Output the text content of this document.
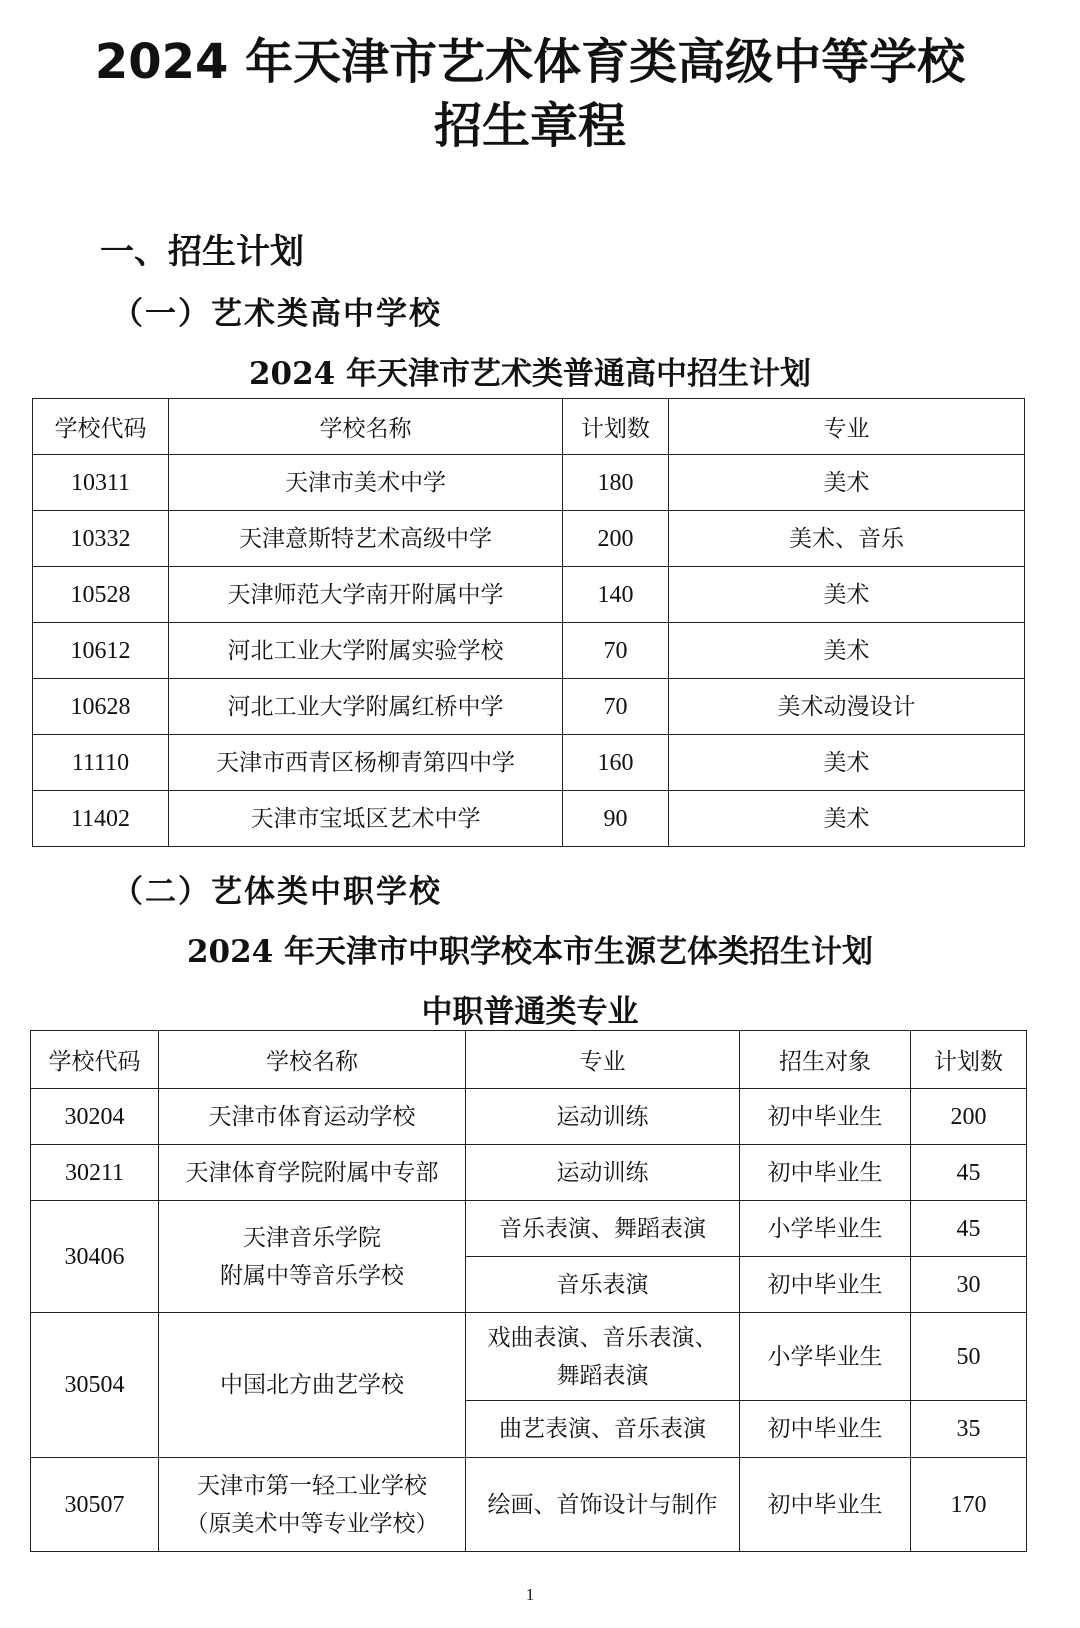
2024 年天津市艺术体育类高级中等学校
招生章程
一、招生计划
（一）艺术类高中学校

2024 年天津市艺术类普通高中招生计划

学校代码	学校名称	计划数	专业
10311	天津市美术中学	180	美术
10332	天津意斯特艺术高级中学	200	美术、音乐
10528	天津师范大学南开附属中学	140	美术
10612	河北工业大学附属实验学校	70	美术
10628	河北工业大学附属红桥中学	70	美术动漫设计
11110	天津市西青区杨柳青第四中学	160	美术
11402	天津市宝坻区艺术中学	90	美术
（二）艺体类中职学校

2024 年天津市中职学校本市生源艺体类招生计划

中职普通类专业

学校代码	学校名称	专业	招生对象	计划数
30204	天津市体育运动学校	运动训练	初中毕业生	200
30211	天津体育学院附属中专部	运动训练	初中毕业生	45
30406	天津音乐学院
附属中等音乐学校	音乐表演、舞蹈表演	小学毕业生	45
		音乐表演	初中毕业生	30
30504	中国北方曲艺学校	戏曲表演、音乐表演、
舞蹈表演	小学毕业生	50
		曲艺表演、音乐表演	初中毕业生	35
30507	天津市第一轻工业学校
（原美术中等专业学校）	绘画、首饰设计与制作	初中毕业生	170

1
